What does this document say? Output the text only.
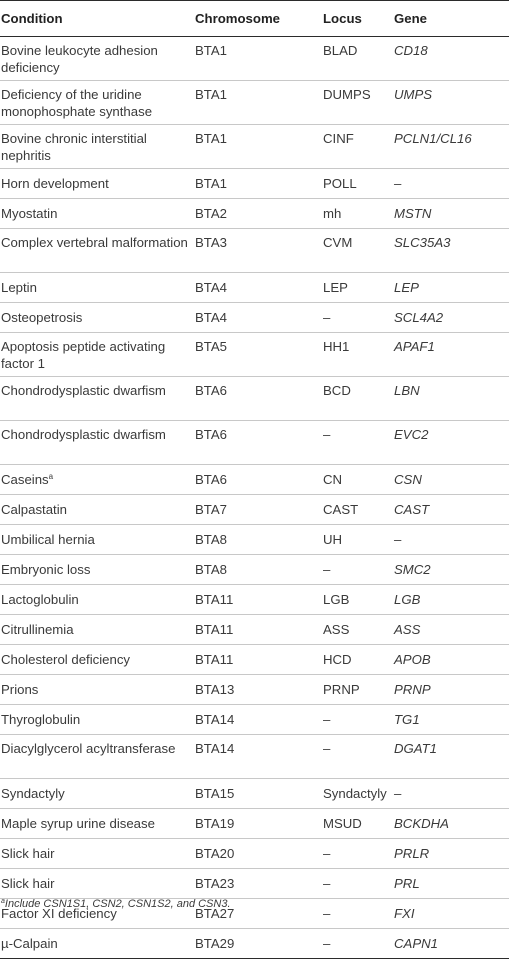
Condition	Chromosome	Locus	Gene
Bovine leukocyte adhesion deficiency	BTA1	BLAD	CD18
Deficiency of the uridine monophosphate synthase	BTA1	DUMPS	UMPS
Bovine chronic interstitial nephritis	BTA1	CINF	PCLN1/CL16
Horn development	BTA1	POLL	–
Myostatin	BTA2	mh	MSTN
Complex vertebral malformation	BTA3	CVM	SLC35A3
Leptin	BTA4	LEP	LEP
Osteopetrosis	BTA4	–	SCL4A2
Apoptosis peptide activating factor 1	BTA5	HH1	APAF1
Chondrodysplastic dwarfism	BTA6	BCD	LBN
Chondrodysplastic dwarfism	BTA6	–	EVC2
Caseins$^a$	BTA6	CN	CSN
Calpastatin	BTA7	CAST	CAST
Umbilical hernia	BTA8	UH	–
Embryonic loss	BTA8	–	SMC2
Lactoglobulin	BTA11	LGB	LGB
Citrullinemia	BTA11	ASS	ASS
Cholesterol deficiency	BTA11	HCD	APOB
Prions	BTA13	PRNP	PRNP
Thyroglobulin	BTA14	–	TG1
Diacylglycerol acyltransferase	BTA14	–	DGAT1
Syndactyly	BTA15	Syndactyly	–
Maple syrup urine disease	BTA19	MSUD	BCKDHA
Slick hair	BTA20	–	PRLR
Slick hair	BTA23	–	PRL
Factor XI deficiency	BTA27	–	FXI
µ-Calpain	BTA29	–	CAPN1
$^a$Include CSN1S1, CSN2, CSN1S2, and CSN3.
